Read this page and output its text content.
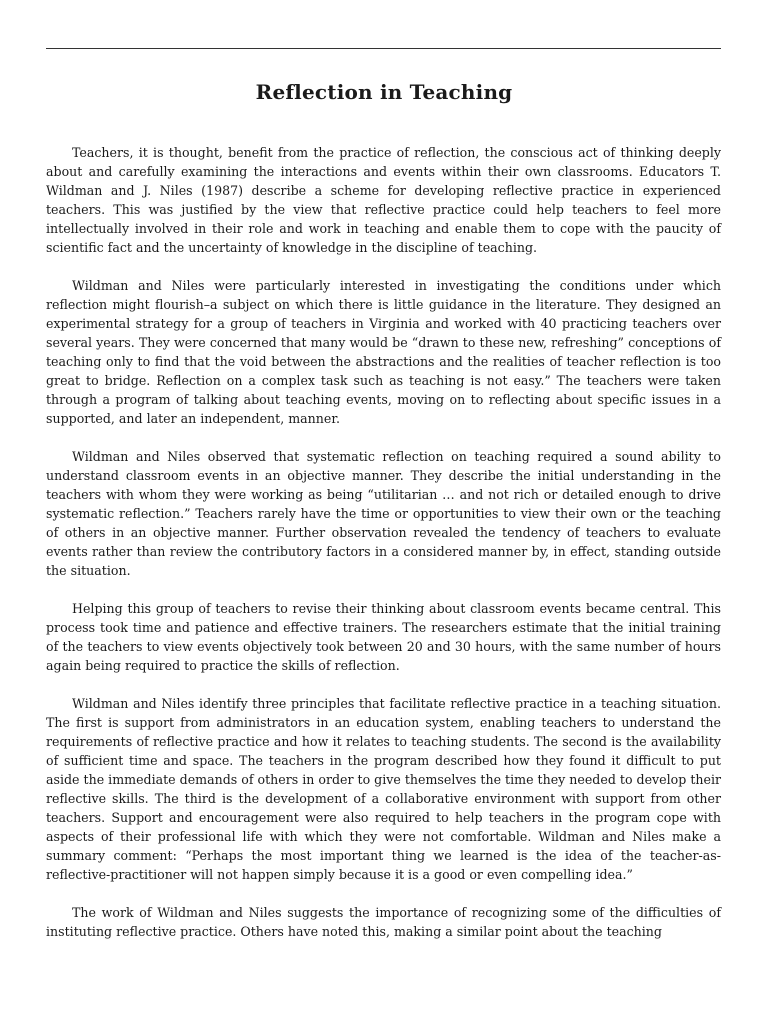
Reflection in Teaching

Teachers, it is thought, benefit from the practice of reflection, the conscious act of thinking deeply about and carefully examining the interactions and events within their own classrooms. Educators T. Wildman and J. Niles (1987) describe a scheme for developing reflective practice in experienced teachers. This was justified by the view that reflective practice could help teachers to feel more intellectually involved in their role and work in teaching and enable them to cope with the paucity of scientific fact and the uncertainty of knowledge in the discipline of teaching.

Wildman and Niles were particularly interested in investigating the conditions under which reflection might flourish–a subject on which there is little guidance in the literature. They designed an experimental strategy for a group of teachers in Virginia and worked with 40 practicing teachers over several years. They were concerned that many would be “drawn to these new, refreshing” conceptions of teaching only to find that the void between the abstractions and the realities of teacher reflection is too great to bridge. Reflection on a complex task such as teaching is not easy.” The teachers were taken through a program of talking about teaching events, moving on to reflecting about specific issues in a supported, and later an independent, manner.

Wildman and Niles observed that systematic reflection on teaching required a sound ability to understand classroom events in an objective manner. They describe the initial understanding in the teachers with whom they were working as being “utilitarian … and not rich or detailed enough to drive systematic reflection.” Teachers rarely have the time or opportunities to view their own or the teaching of others in an objective manner. Further observation revealed the tendency of teachers to evaluate events rather than review the contributory factors in a considered manner by, in effect, standing outside the situation.

Helping this group of teachers to revise their thinking about classroom events became central. This process took time and patience and effective trainers. The researchers estimate that the initial training of the teachers to view events objectively took between 20 and 30 hours, with the same number of hours again being required to practice the skills of reflection.

Wildman and Niles identify three principles that facilitate reflective practice in a teaching situation. The first is support from administrators in an education system, enabling teachers to understand the requirements of reflective practice and how it relates to teaching students. The second is the availability of sufficient time and space. The teachers in the program described how they found it difficult to put aside the immediate demands of others in order to give themselves the time they needed to develop their reflective skills. The third is the development of a collaborative environment with support from other teachers. Support and encouragement were also required to help teachers in the program cope with aspects of their professional life with which they were not comfortable. Wildman and Niles make a summary comment: “Perhaps the most important thing we learned is the idea of the teacher-as-reflective-practitioner will not happen simply because it is a good or even compelling idea.”

The work of Wildman and Niles suggests the importance of recognizing some of the difficulties of instituting reflective practice. Others have noted this, making a similar point about the teaching
